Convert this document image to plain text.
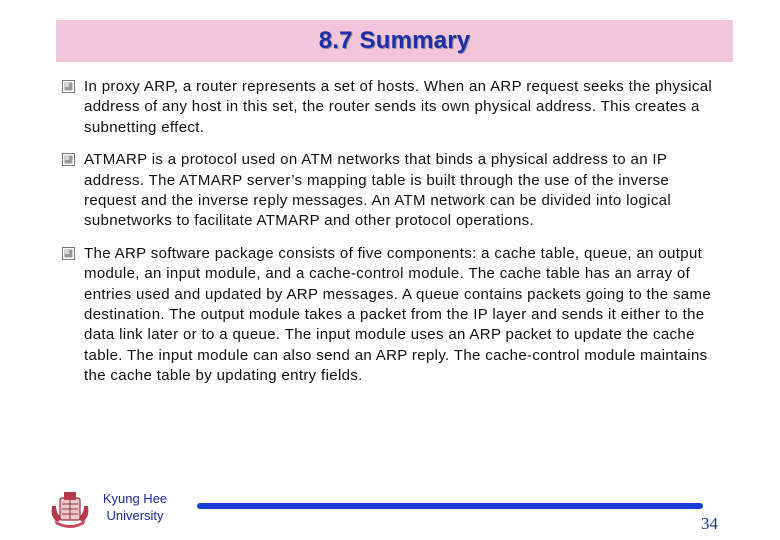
8.7 Summary
In proxy ARP, a router represents a set of hosts. When an ARP request seeks the physical address of any host in this set, the router sends its own physical address. This creates a subnetting effect.
ATMARP is a protocol used on ATM networks that binds a physical address to an IP address. The ATMARP server’s mapping table is built through the use of the inverse request and the inverse reply messages. An ATM network can be divided into logical subnetworks to facilitate ATMARP and other protocol operations.
The ARP software package consists of five components: a cache table, queue, an output module, an input module, and a cache-control module. The cache table has an array of entries used and updated by ARP messages. A queue contains packets going to the same destination. The output module takes a packet from the IP layer and sends it either to the data link later or to a queue. The input module uses an ARP packet to update the cache table. The input module can also send an ARP reply. The cache-control module maintains the cache table by updating entry fields.
Kyung Hee
University	34
